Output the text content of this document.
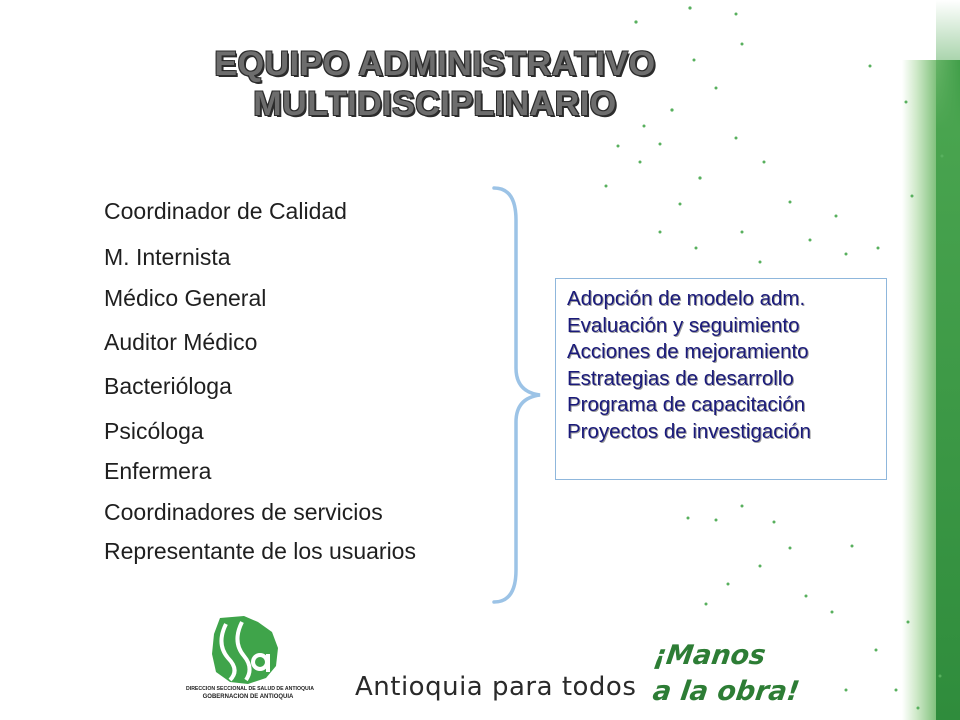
EQUIPO ADMINISTRATIVO
MULTIDISCIPLINARIO
Coordinador de Calidad
M. Internista
Médico General
Auditor Médico
Bacterióloga
Psicóloga
Enfermera
Coordinadores de servicios
Representante de los usuarios
Adopción de modelo adm.
Evaluación y seguimiento
Acciones de mejoramiento
Estrategias de desarrollo
Programa de capacitación
Proyectos de investigación
DIRECCION SECCIONAL DE SALUD DE ANTIOQUIA
GOBERNACION DE ANTIOQUIA	Antioquia para todos
¡Manos
a la obra!
